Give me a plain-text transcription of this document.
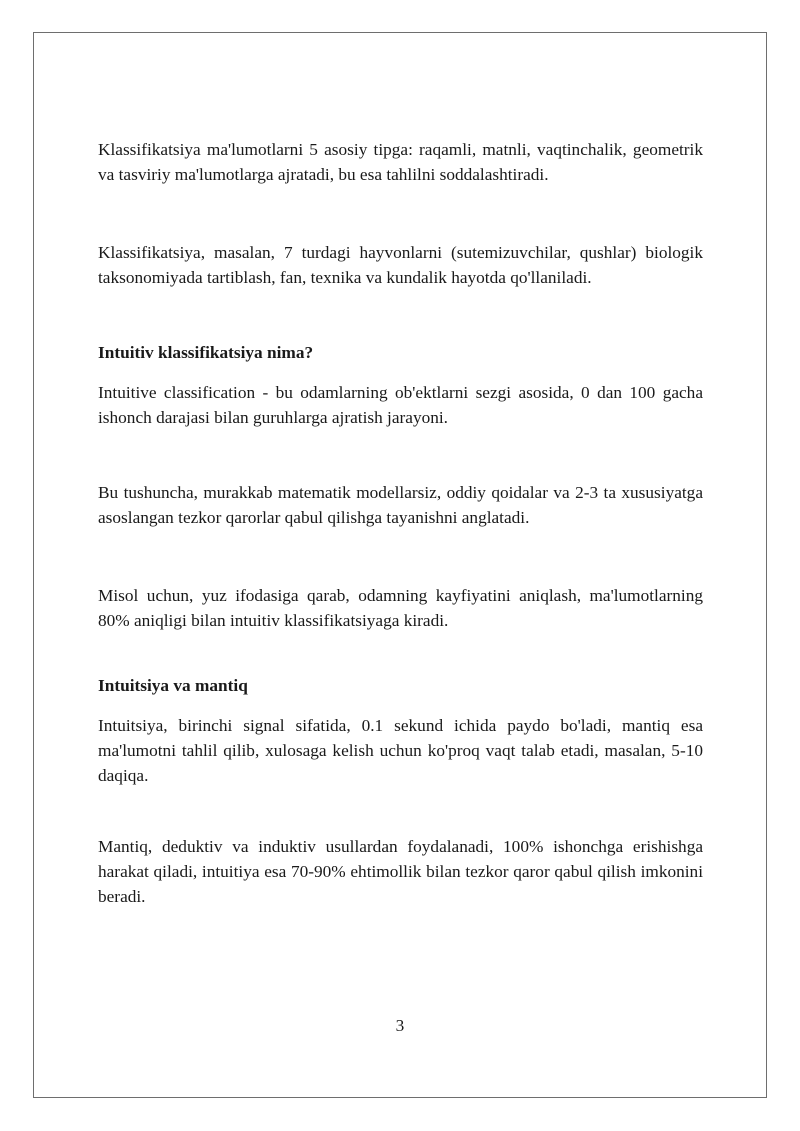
Klassifikatsiya ma'lumotlarni 5 asosiy tipga: raqamli, matnli, vaqtinchalik, geometrik va tasviriy ma'lumotlarga ajratadi, bu esa tahlilni soddalashtiradi.

Klassifikatsiya, masalan, 7 turdagi hayvonlarni (sutemizuvchilar, qushlar) biologik taksonomiyada tartiblash, fan, texnika va kundalik hayotda qo'llaniladi.

Intuitiv klassifikatsiya nima?

Intuitive classification - bu odamlarning ob'ektlarni sezgi asosida, 0 dan 100 gacha ishonch darajasi bilan guruhlarga ajratish jarayoni.

Bu tushuncha, murakkab matematik modellarsiz, oddiy qoidalar va 2-3 ta xususiyatga asoslangan tezkor qarorlar qabul qilishga tayanishni anglatadi.

Misol uchun, yuz ifodasiga qarab, odamning kayfiyatini aniqlash, ma'lumotlarning 80% aniqligi bilan intuitiv klassifikatsiyaga kiradi.

Intuitsiya va mantiq

Intuitsiya, birinchi signal sifatida, 0.1 sekund ichida paydo bo'ladi, mantiq esa ma'lumotni tahlil qilib, xulosaga kelish uchun ko'proq vaqt talab etadi, masalan, 5-10 daqiqa.

Mantiq, deduktiv va induktiv usullardan foydalanadi, 100% ishonchga erishishga harakat qiladi, intuitiya esa 70-90% ehtimollik bilan tezkor qaror qabul qilish imkonini beradi.

3
